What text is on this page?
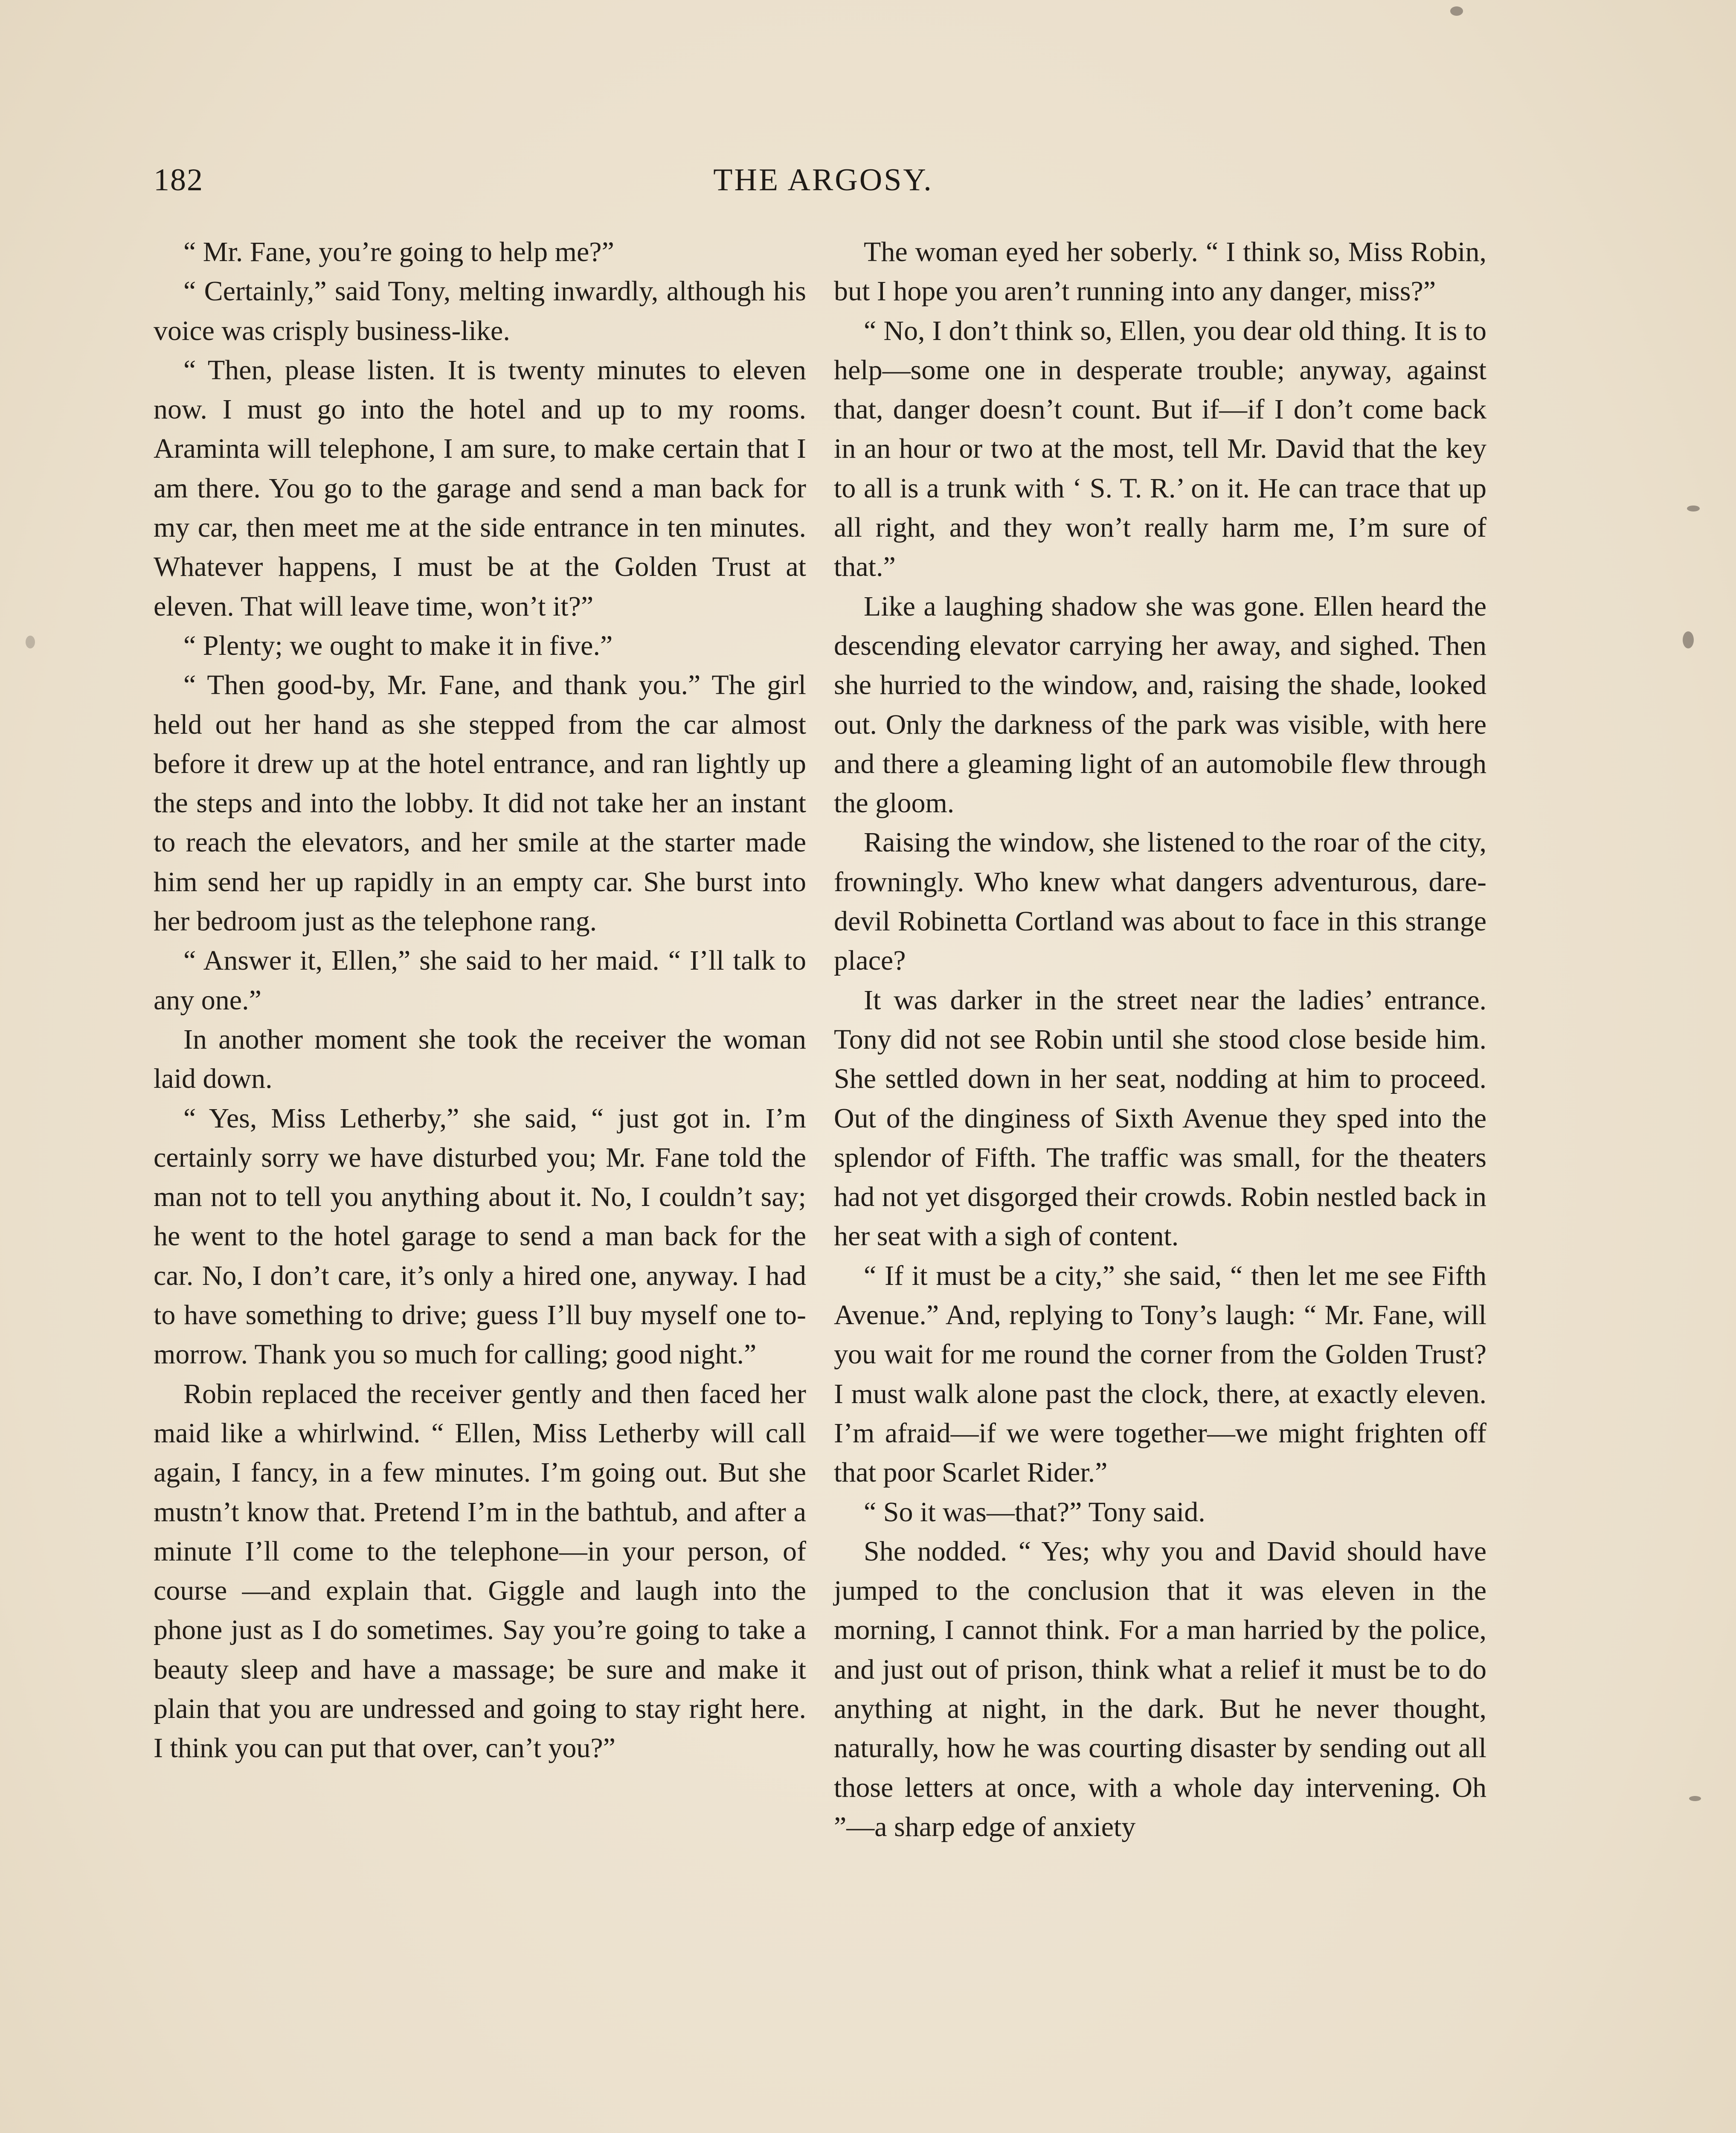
182	THE ARGOSY.

“ Mr. Fane, you’re going to help me?”

“ Certainly,” said Tony, melting inwardly, although his voice was crisply business-like.

“ Then, please listen. It is twenty minutes to eleven now. I must go into the hotel and up to my rooms. Araminta will telephone, I am sure, to make certain that I am there. You go to the garage and send a man back for my car, then meet me at the side entrance in ten minutes. Whatever happens, I must be at the Golden Trust at eleven. That will leave time, won’t it?”

“ Plenty; we ought to make it in five.”

“ Then good-by, Mr. Fane, and thank you.” The girl held out her hand as she stepped from the car almost before it drew up at the hotel entrance, and ran lightly up the steps and into the lobby. It did not take her an instant to reach the elevators, and her smile at the starter made him send her up rapidly in an empty car. She burst into her bedroom just as the telephone rang.

“ Answer it, Ellen,” she said to her maid. “ I’ll talk to any one.”

In another moment she took the receiver the woman laid down.

“ Yes, Miss Letherby,” she said, “ just got in. I’m certainly sorry we have disturbed you; Mr. Fane told the man not to tell you anything about it. No, I couldn’t say; he went to the hotel garage to send a man back for the car. No, I don’t care, it’s only a hired one, anyway. I had to have something to drive; guess I’ll buy myself one to-morrow. Thank you so much for calling; good night.”

Robin replaced the receiver gently and then faced her maid like a whirlwind. “ Ellen, Miss Letherby will call again, I fancy, in a few minutes. I’m going out. But she mustn’t know that. Pretend I’m in the bathtub, and after a minute I’ll come to the telephone—in your person, of course —and explain that. Giggle and laugh into the phone just as I do sometimes. Say you’re going to take a beauty sleep and have a massage; be sure and make it plain that you are undressed and going to stay right here. I think you can put that over, can’t you?”

The woman eyed her soberly. “ I think so, Miss Robin, but I hope you aren’t running into any danger, miss?”

“ No, I don’t think so, Ellen, you dear old thing. It is to help—some one in desperate trouble; anyway, against that, danger doesn’t count. But if—if I don’t come back in an hour or two at the most, tell Mr. David that the key to all is a trunk with ‘ S. T. R.’ on it. He can trace that up all right, and they won’t really harm me, I’m sure of that.”

Like a laughing shadow she was gone. Ellen heard the descending elevator carrying her away, and sighed. Then she hurried to the window, and, raising the shade, looked out. Only the darkness of the park was visible, with here and there a gleaming light of an automobile flew through the gloom.

Raising the window, she listened to the roar of the city, frowningly. Who knew what dangers adventurous, dare-devil Robinetta Cortland was about to face in this strange place?

It was darker in the street near the ladies’ entrance. Tony did not see Robin until she stood close beside him. She settled down in her seat, nodding at him to proceed. Out of the dinginess of Sixth Avenue they sped into the splendor of Fifth. The traffic was small, for the theaters had not yet disgorged their crowds. Robin nestled back in her seat with a sigh of content.

“ If it must be a city,” she said, “ then let me see Fifth Avenue.” And, replying to Tony’s laugh: “ Mr. Fane, will you wait for me round the corner from the Golden Trust? I must walk alone past the clock, there, at exactly eleven. I’m afraid—if we were together—we might frighten off that poor Scarlet Rider.”

“ So it was—that?” Tony said.

She nodded. “ Yes; why you and David should have jumped to the conclusion that it was eleven in the morning, I cannot think. For a man harried by the police, and just out of prison, think what a relief it must be to do anything at night, in the dark. But he never thought, naturally, how he was courting disaster by sending out all those letters at once, with a whole day intervening. Oh ”—a sharp edge of anxiety
